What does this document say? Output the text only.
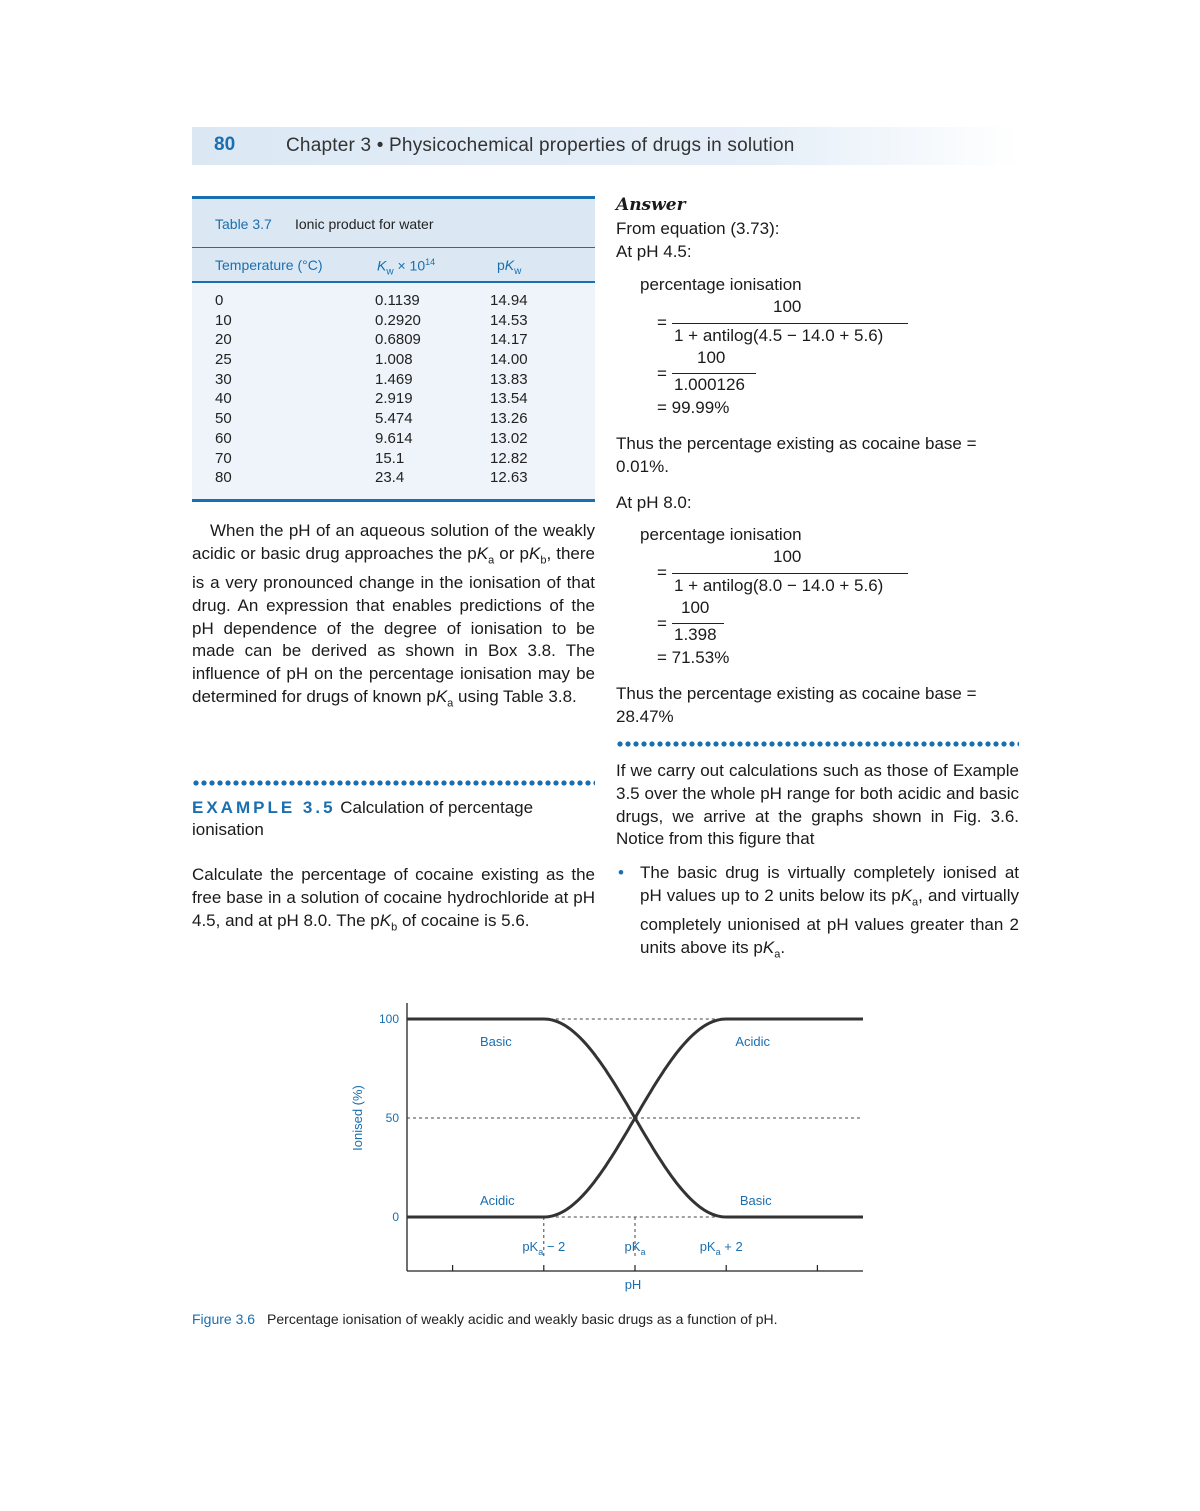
80	Chapter 3 • Physicochemical properties of drugs in solution
Table 3.7 Ionic product for water
Temperature (°C)	$K_w \times 10^{14}$	$pK_w$
0	0.1139	14.94
10	0.2920	14.53
20	0.6809	14.17
25	1.008	14.00
30	1.469	13.83
40	2.919	13.54
50	5.474	13.26
60	9.614	13.02
70	15.1	12.82
80	23.4	12.63
When the pH of an aqueous solution of the weakly acidic or basic drug approaches the $pK_a$ or $pK_b$, there is a very pronounced change in the ionisation of that drug. An expression that enables predictions of the pH dependence of the degree of ionisation to be made can be derived as shown in Box 3.8. The influence of pH on the percentage ionisation may be determined for drugs of known $pK_a$ using Table 3.8.
EXAMPLE 3.5 Calculation of percentage ionisation
Calculate the percentage of cocaine existing as the free base in a solution of cocaine hydrochloride at pH 4.5, and at pH 8.0. The $pK_b$ of cocaine is 5.6.
Answer
From equation (3.73):
At pH 4.5:
percentage ionisation
100
=
1 + antilog(4.5 − 14.0 + 5.6)
100
=
1.000126
= 99.99%
Thus the percentage existing as cocaine base = 0.01%.
At pH 8.0:
percentage ionisation
100
=
1 + antilog(8.0 − 14.0 + 5.6)
100
=
1.398
= 71.53%
Thus the percentage existing as cocaine base = 28.47%
If we carry out calculations such as those of Example 3.5 over the whole pH range for both acidic and basic drugs, we arrive at the graphs shown in Fig. 3.6. Notice from this figure that
• The basic drug is virtually completely ionised at pH values up to 2 units below its $pK_a$, and virtually completely unionised at pH values greater than 2 units above its $pK_a$.
100
50
0
Basic	Acidic
Acidic	Basic
$pK_a - 2$	$pK_a$	$pK_a + 2$
pH
Ionised (%)
Figure 3.6 Percentage ionisation of weakly acidic and weakly basic drugs as a function of pH.
